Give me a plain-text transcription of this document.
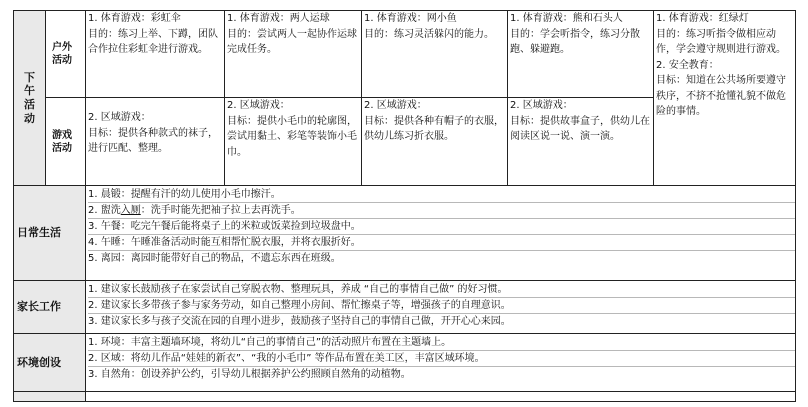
下午活动	户外活动	1. 体育游戏：彩虹伞
目的：练习上举、下蹲，团队合作拉住彩虹伞进行游戏。	1. 体育游戏：两人运球
目的：尝试两人一起协作运球完成任务。	1. 体育游戏：网小鱼
目的：练习灵活躲闪的能力。	1. 体育游戏：熊和石头人
目的：学会听指令，练习分散跑、躲避跑。	1. 体育游戏：红绿灯
目的：练习听指令做相应动作，学会遵守规则进行游戏。
2. 安全教育：
目标：知道在公共场所要遵守秩序，不挤不抢懂礼貌不做危险的事情。

	游戏活动	2. 区域游戏：
目标：提供各种款式的袜子，进行匹配、整理。	2. 区域游戏：
目标：提供小毛巾的轮廓图，尝试用黏土、彩笔等装饰小毛巾。	2. 区域游戏：
目标：提供各种有帽子的衣服，供幼儿练习折衣服。	2. 区域游戏：
目标：提供故事盒子，供幼儿在阅读区说一说、演一演。	

日常生活		1. 晨锻：提醒有汗的幼儿使用小毛巾擦汗。
2. 盥洗入厕：洗手时能先把袖子拉上去再洗手。
3. 午餐：吃完午餐后能将桌子上的米粒或饭菜捡到垃圾盘中。
4. 午睡：午睡准备活动时能互相帮忙脱衣服，并将衣服折好。
5. 离园：离园时能带好自己的物品，不遗忘东西在班级。				

家长工作		1. 建议家长鼓励孩子在家尝试自己穿脱衣物、整理玩具，养成 “自己的事情自己做” 的好习惯。
2. 建议家长多带孩子参与家务劳动，如自己整理小房间、帮忙擦桌子等，增强孩子的自理意识。
3. 建议家长多与孩子交流在园的自理小进步，鼓励孩子坚持自己的事情自己做，开开心心来园。				

环境创设		1. 环境：丰富主题墙环境，将幼儿“自己的事情自己”的活动照片布置在主题墙上。
2. 区域：将幼儿作品“娃娃的新衣”、“我的小毛巾” 等作品布置在美工区，丰富区域环境。
3. 自然角：创设养护公约，引导幼儿根据养护公约照顾自然角的动植物。				
